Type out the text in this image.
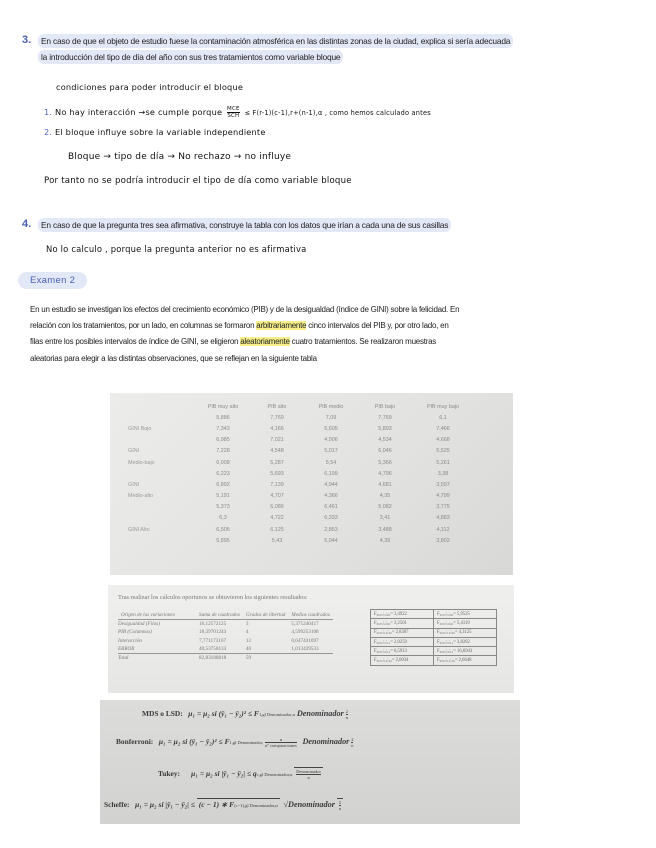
3.	En caso de que el objeto de estudio fuese la contaminación atmosférica en las distintas zonas de la ciudad, explica si sería adecuada
la introducción del tipo de día del año con sus tres tratamientos como variable bloque
condiciones para poder introducir el bloque
1. No hay interacción →se cumple porque $\frac{\text{MCE}}{\text{SCH}} \le F(r-1)(c-1),r+(n-1),\alpha$ , como hemos calculado antes
2. El bloque influye sobre la variable independiente
Bloque → tipo de día → No rechazo → no influye
Por tanto no se podría introducir el tipo de día como variable bloque
4.	En caso de que la pregunta tres sea afirmativa, construye la tabla con los datos que irían a cada una de sus casillas
No lo calculo , porque la pregunta anterior no es afirmativa
Examen 2

En un estudio se investigan los efectos del crecimiento económico (PIB) y de la desigualdad (índice de GINI) sobre la felicidad. En

relación con los tratamientos, por un lado, en columnas se formaron arbitrariamente cinco intervalos del PIB y, por otro lado, en

filas entre los posibles intervalos de índice de GINI, se eligieron aleatoriamente cuatro tratamientos. Se realizaron muestras

aleatorias para elegir a las distintas observaciones, que se reflejan en la siguiente tabla

	PIB muy alto	PIB alto	PIB medio	PIB bajo	PIB muy bajo
	5,886	7,769	7,09	7,769	6,1
GINI Bajo	7,343	4,166	5,605	5,893	7,466
	6,985	7,021	4,906	4,534	4,668
GINI	7,228	4,548	5,017	6,046	5,525
Medio-bajo	6,008	5,287	5,54	5,366	5,261
	6,223	5,693	6,199	4,796	3,38
GINI	6,892	7,139	4,944	4,681	3,597
Medio-alto	5,191	4,707	4,366	4,35	4,799
	5,373	6,086	6,461	5,082	3,775
	6,3	4,722	6,333	3,41	4,883
GINI Alto	6,505	6,125	2,853	3,488	4,112
	5,895	5,43	5,044	4,39	3,802
Tras realizar los cálculos oportunos se obtuvieron los siguientes resultados:
Origen de las variaciones	Suma de cuadrados	Grados de libertad	Medios cuadrados
Desigualdad (Filas)	16,12572125	3	5,375240417
PIB (Columnas)	18,39701243	4	4,599253108
Interacción	7,771173167	12	0,647431097
ERROR	40,53758133	40	1,013439533
Total	82,83188818	59	
F₀,₀₅;₃;₄₀= 3,4922	F₀,₀₅;₃;₄₀= 5,9525
F₀,₀₅;₄;₄₀= 3,2501	F₀,₀₅;₄;₄₀= 5,4119
F₀,₀₅;₁₂;₄₀= 2,8387	F₀,₀₅;₁₂;₄₀= 4,3125
F₀,₀₅;₃;₁₂= 2,0259	F₀,₀₅;₃;₁₂= 3,8282
F₀,₀₅;₄;₁₂= 6,5913	F₀,₀₅;₄;₁₂= 16,6943
F₀,₀₅;₁₂;₄₀= 2,0034	F₀,₀₅;₁₂;₄₀= 2,6648
MDS o LSD: μ₁ = μ₂ si (ȳ₁ − ȳ₂)² ≤ F1,gl Denominador,α Denominador $\frac{2}{n}$
Bonferroni: μ₁ = μ₂ si (ȳ₁ − ȳ₂)² ≤ F1,gl Denominador,
α
nº comparaciones Denominador $\frac{2}{n}$
Tukey: μ₁ = μ₂ si |ȳ₁ − ȳ₂| ≤ qc,gl Denominador,α
Denominador
n
Scheffe: μ₁ = μ₂ si |ȳ₁ − ȳ₂| ≤ (c − 1) ∗ F(c−1),gl Denominador,α √Denominador $\frac{2}{n}$
